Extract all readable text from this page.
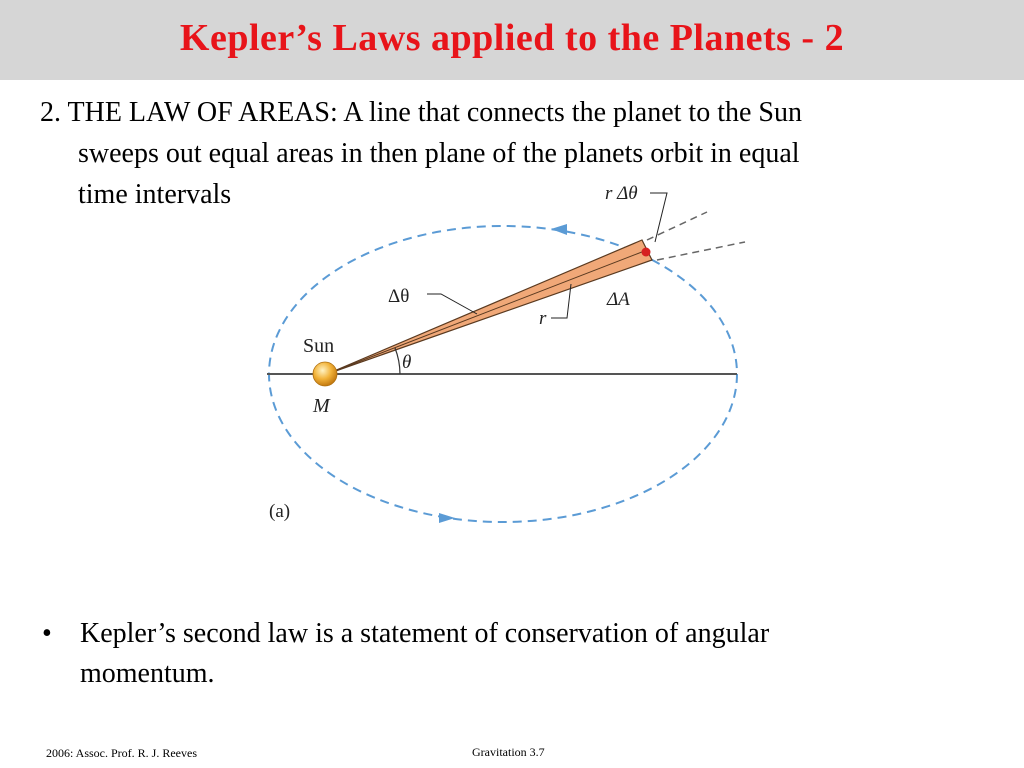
Kepler’s Laws applied to the Planets - 2
2. THE LAW OF AREAS: A line that connects the planet to the Sun
sweeps out equal areas in then plane of the planets orbit in equal
time intervals
Sun
M
θ
Δθ
r
ΔA
r Δθ
(a)
•	Kepler’s second law is a statement of conservation of angular
momentum.
2006: Assoc. Prof. R. J. Reeves	Gravitation 3.7
